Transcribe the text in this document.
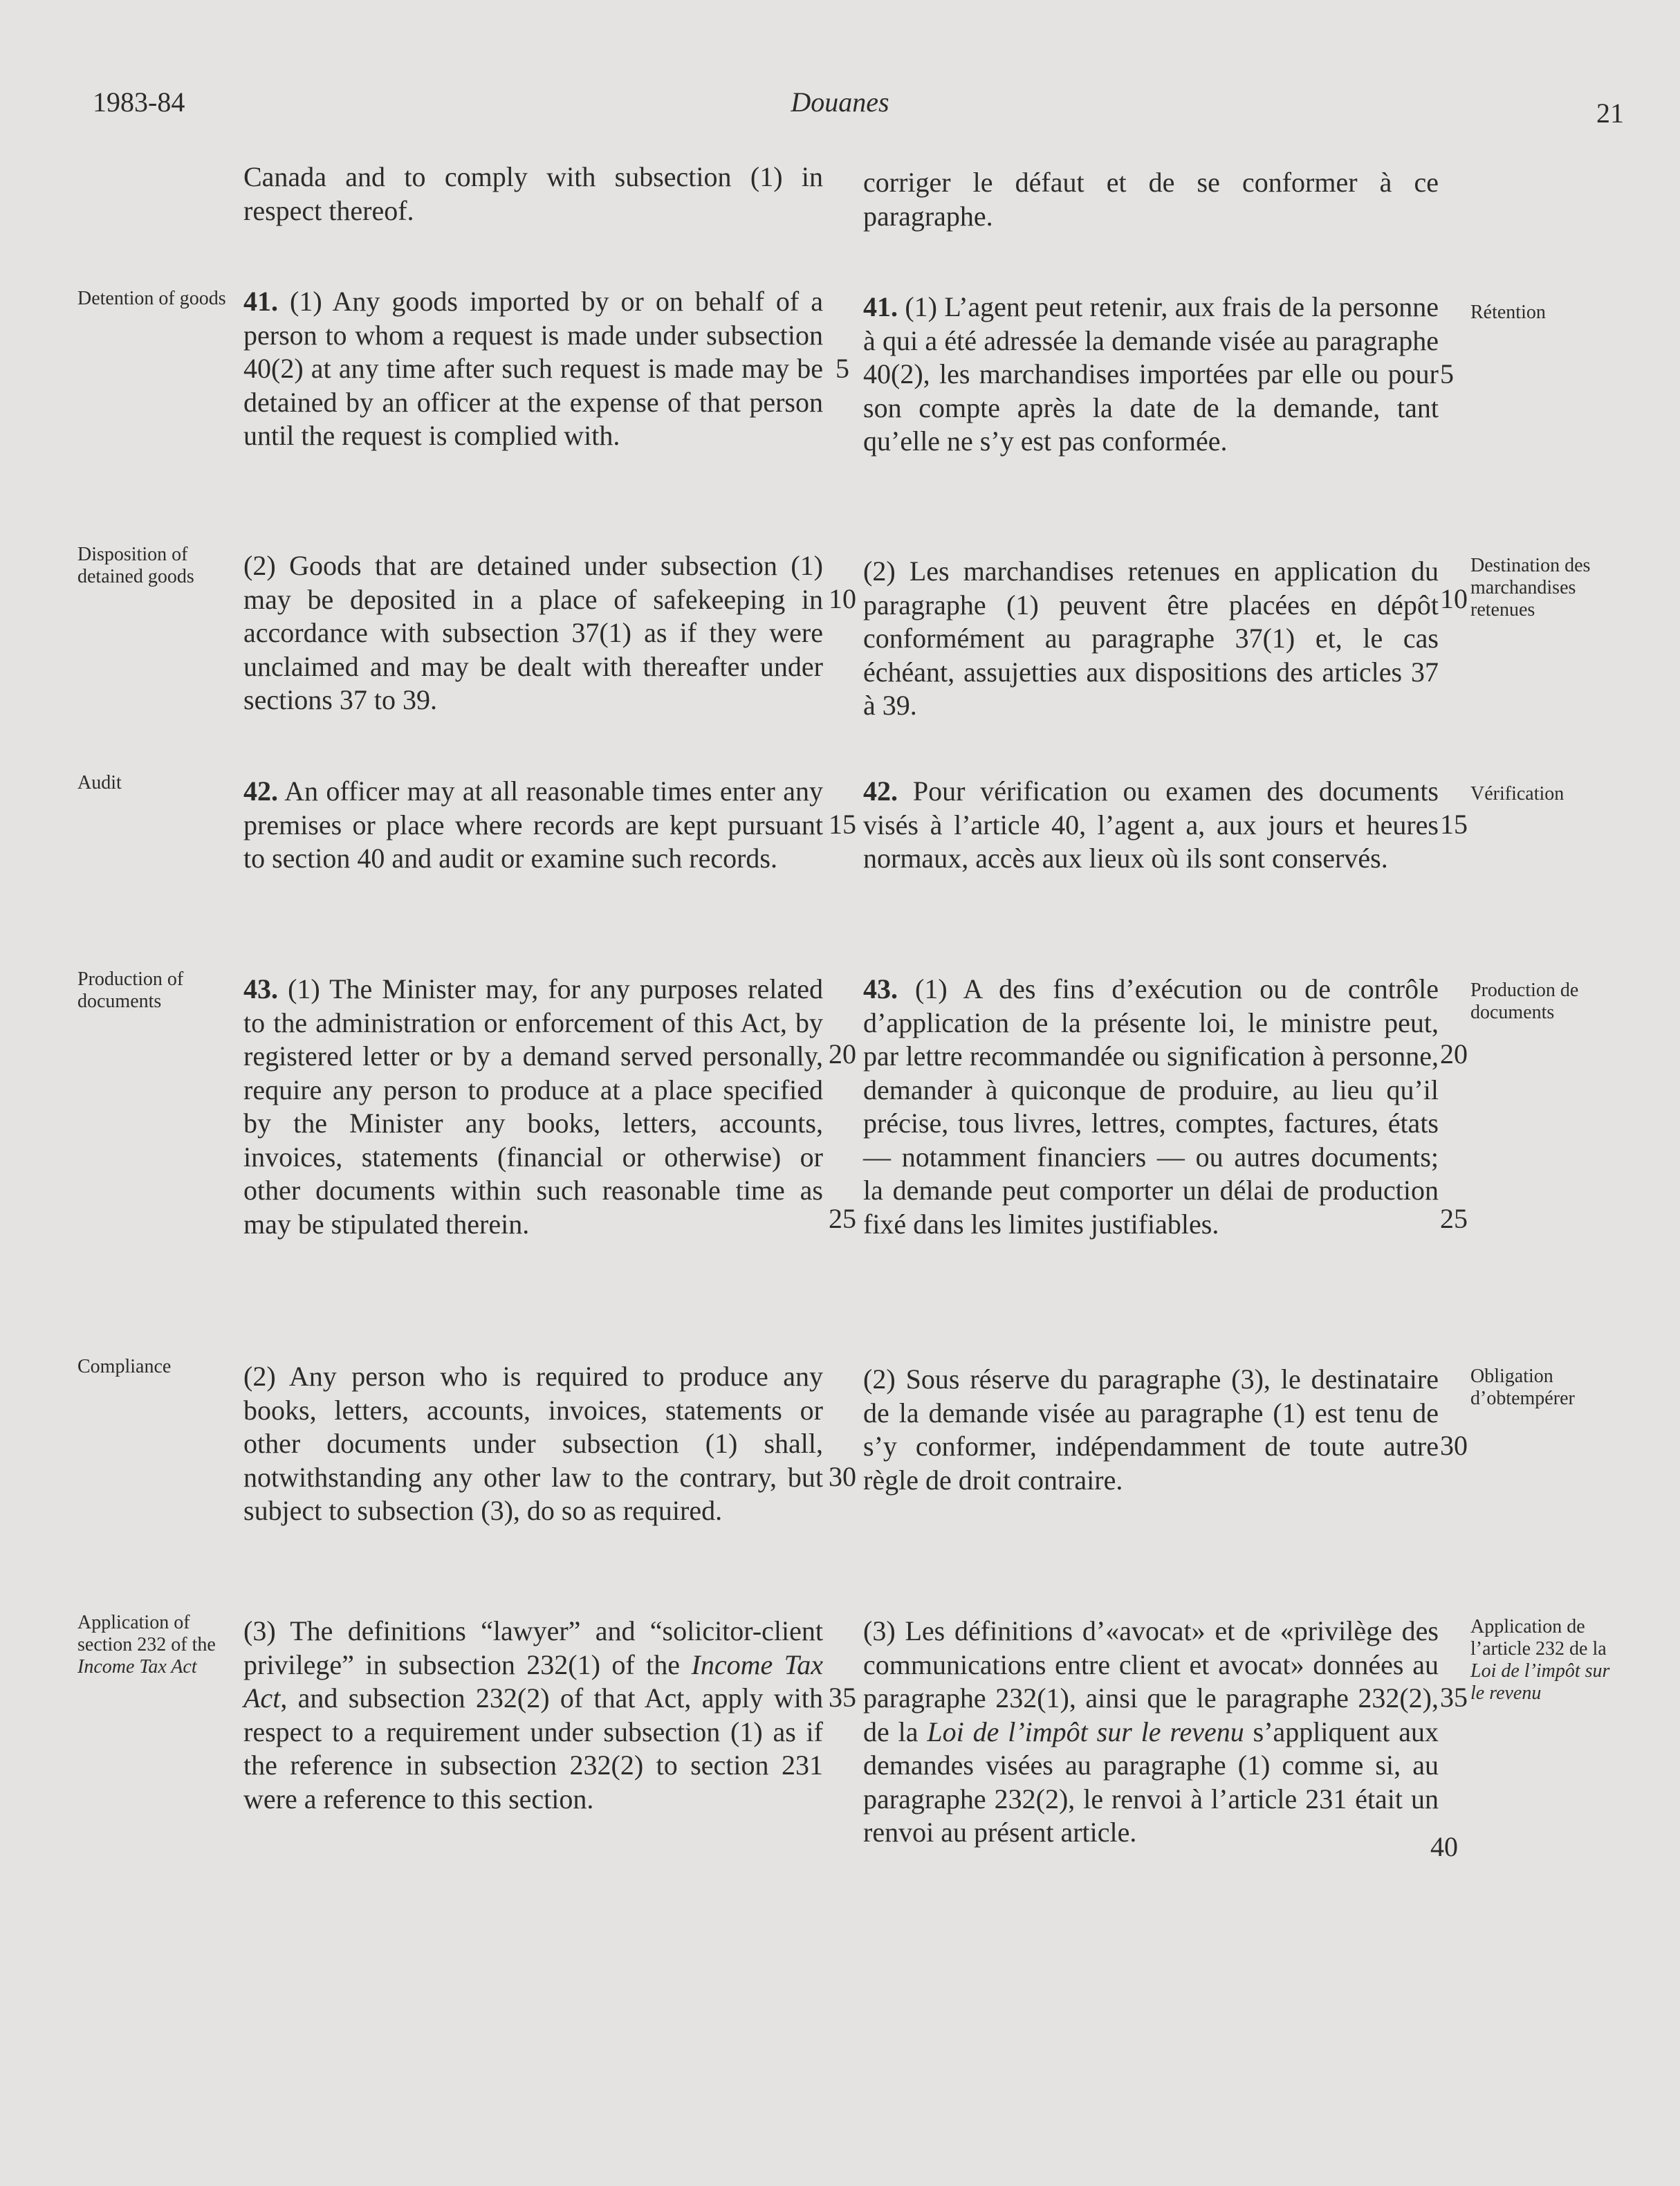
1983-84	Douanes	21
Canada and to comply with subsection (1) in respect thereof.
corriger le défaut et de se conformer à ce paragraphe.
Detention of goods 41. (1) Any goods imported by or on behalf of a person to whom a request is made under subsection 40(2) at any time after such request is made may be detained by an officer at the expense of that person until the request is complied with.
5
41. (1) L’agent peut retenir, aux frais de la personne à qui a été adressée la demande visée au paragraphe 40(2), les marchandises importées par elle ou pour son compte après la date de la demande, tant qu’elle ne s’y est pas conformée.
5
Rétention
Disposition of detained goods	(2) Goods that are detained under subsection (1) may be deposited in a place of safekeeping in accordance with subsection 37(1) as if they were unclaimed and may be dealt with thereafter under sections 37 to 39.
10
(2) Les marchandises retenues en application du paragraphe (1) peuvent être placées en dépôt conformément au paragraphe 37(1) et, le cas échéant, assujetties aux dispositions des articles 37 à 39.
10
Destination des marchandises retenues
Audit	42. An officer may at all reasonable times enter any premises or place where records are kept pursuant to section 40 and audit or examine such records.
15
42. Pour vérification ou examen des documents visés à l’article 40, l’agent a, aux jours et heures normaux, accès aux lieux où ils sont conservés.
15
Vérification
Production of documents	43. (1) The Minister may, for any purposes related to the administration or enforcement of this Act, by registered letter or by a demand served personally, require any person to produce at a place specified by the Minister any books, letters, accounts, invoices, statements (financial or otherwise) or other documents within such reasonable time as may be stipulated therein.
20
25
43. (1) A des fins d’exécution ou de contrôle d’application de la présente loi, le ministre peut, par lettre recommandée ou signification à personne, demander à quiconque de produire, au lieu qu’il précise, tous livres, lettres, comptes, factures, états — notamment financiers — ou autres documents; la demande peut comporter un délai de production fixé dans les limites justifiables.
20
25
Production de documents
Compliance	(2) Any person who is required to produce any books, letters, accounts, invoices, statements or other documents under subsection (1) shall, notwithstanding any other law to the contrary, but subject to subsection (3), do so as required.
30
(2) Sous réserve du paragraphe (3), le destinataire de la demande visée au paragraphe (1) est tenu de s’y conformer, indépendamment de toute autre règle de droit contraire.
30
Obligation d’obtempérer
Application of section 232 of the Income Tax Act
(3) The definitions “lawyer” and “solicitor-client privilege” in subsection 232(1) of the Income Tax Act, and subsection 232(2) of that Act, apply with respect to a requirement under subsection (1) as if the reference in subsection 232(2) to section 231 were a reference to this section.
35
(3) Les définitions d’«avocat» et de «privilège des communications entre client et avocat» données au paragraphe 232(1), ainsi que le paragraphe 232(2), de la Loi de l’impôt sur le revenu s’appliquent aux demandes visées au paragraphe (1) comme si, au paragraphe 232(2), le renvoi à l’article 231 était un renvoi au présent article.
35
40
Application de l’article 232 de la Loi de l’impôt sur le revenu
